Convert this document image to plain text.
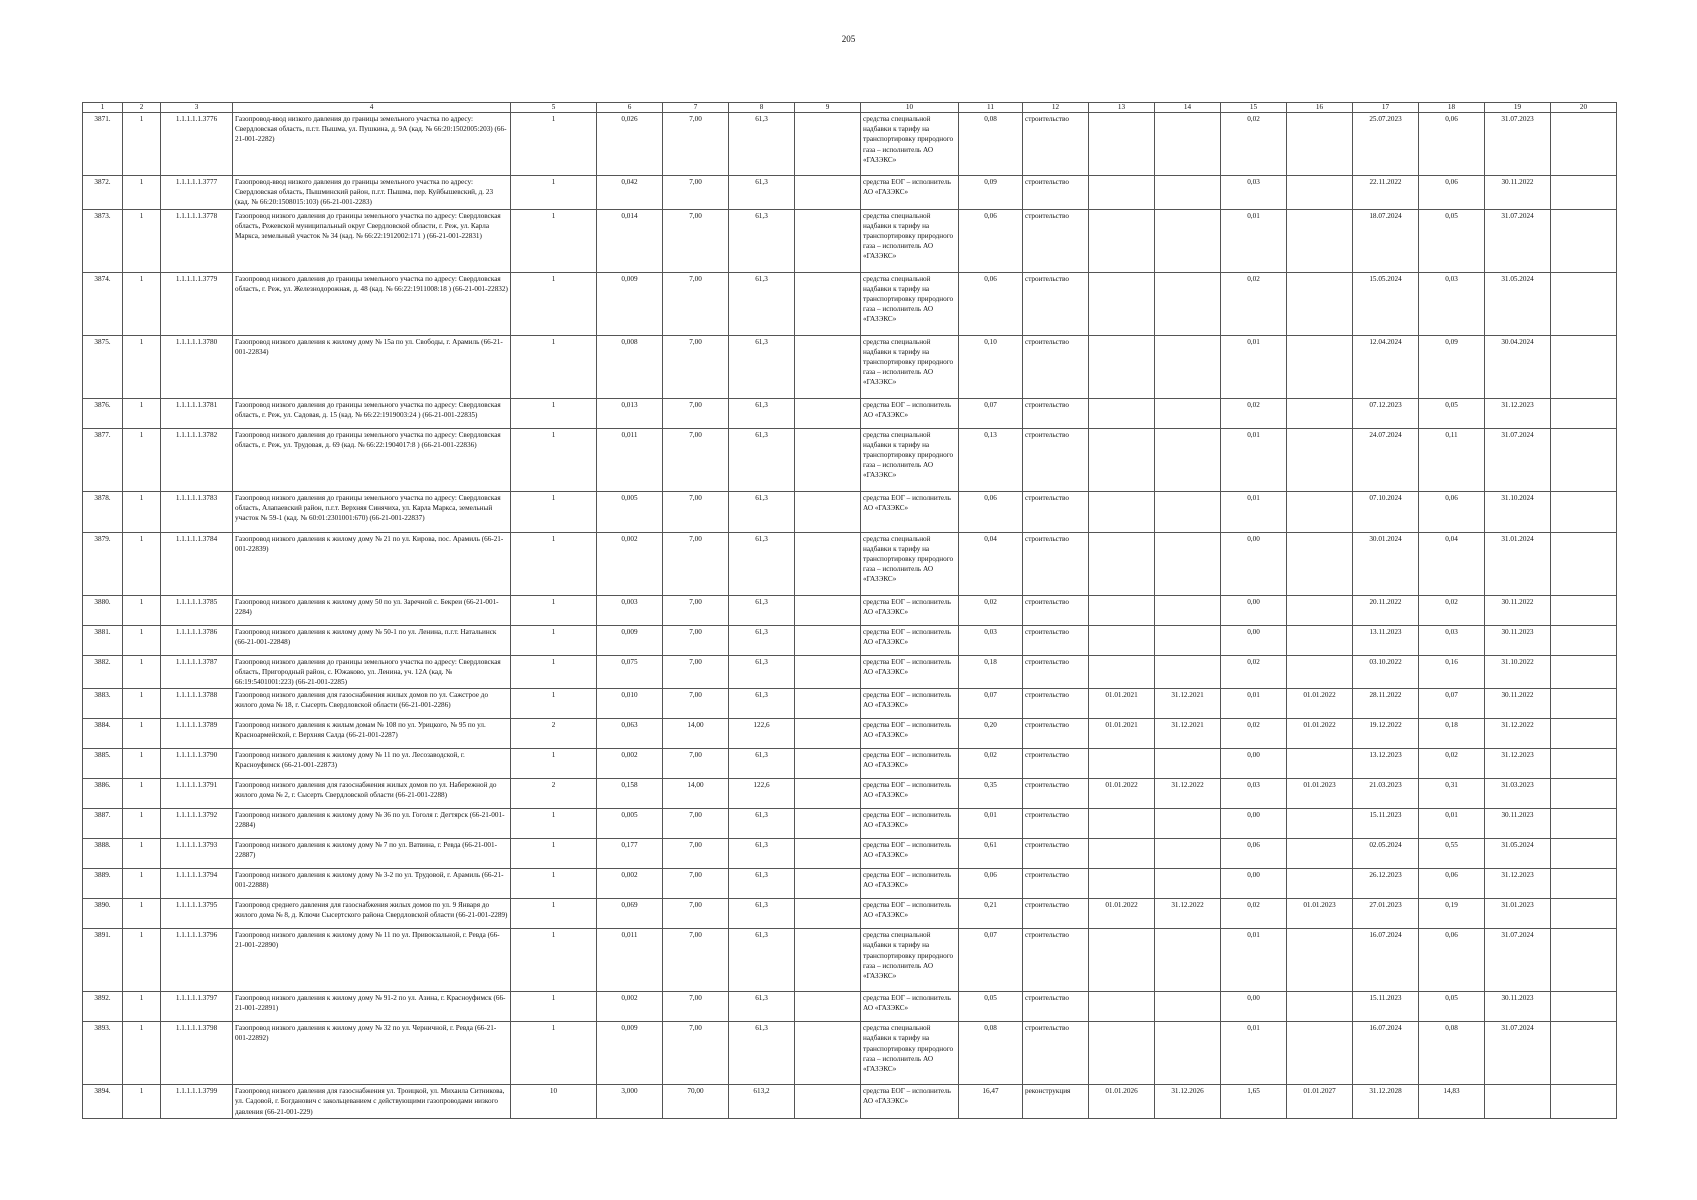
205
1	2	3	4	5	6	7	8	9	10	11	12	13	14	15	16	17	18	19	20
3871.	1	1.1.1.1.1.3776	Газопровод-ввод низкого давления до границы земельного участка по адресу: Свердловская область, п.г.т. Пышма, ул. Пушкина, д. 9А (кад. № 66:20:1502005:203) (66-21-001-2282)	1	0,026	7,00	61,3		средства специальной надбавки к тарифу на транспортировку природного газа – исполнитель АО «ГАЗЭКС»	0,08	строительство			0,02		25.07.2023	0,06	31.07.2023	
3872.	1	1.1.1.1.1.3777	Газопровод-ввод низкого давления до границы земельного участка по адресу: Свердловская область, Пышминский район, п.г.т. Пышма, пер. Куйбышевский, д. 23 (кад. № 66:20:1508015:103) (66-21-001-2283)	1	0,042	7,00	61,3		средства ЕОГ – исполнитель АО «ГАЗЭКС»	0,09	строительство			0,03		22.11.2022	0,06	30.11.2022	
3873.	1	1.1.1.1.1.3778	Газопровод низкого давления до границы земельного участка по адресу: Свердловская область, Режевской муниципальный округ Свердловской области, г. Реж, ул. Карла Маркса, земельный участок № 34 (кад. № 66:22:1912002:171 ) (66-21-001-22831)	1	0,014	7,00	61,3		средства специальной надбавки к тарифу на транспортировку природного газа – исполнитель АО «ГАЗЭКС»	0,06	строительство			0,01		18.07.2024	0,05	31.07.2024	
3874.	1	1.1.1.1.1.3779	Газопровод низкого давления до границы земельного участка по адресу: Свердловская область, г. Реж, ул. Железнодорожная, д. 48 (кад. № 66:22:1911008:18 ) (66-21-001-22832)	1	0,009	7,00	61,3		средства специальной надбавки к тарифу на транспортировку природного газа – исполнитель АО «ГАЗЭКС»	0,06	строительство			0,02		15.05.2024	0,03	31.05.2024	
3875.	1	1.1.1.1.1.3780	Газопровод низкого давления к жилому дому № 15а по ул. Свободы, г. Арамиль (66-21-001-22834)	1	0,008	7,00	61,3		средства специальной надбавки к тарифу на транспортировку природного газа – исполнитель АО «ГАЗЭКС»	0,10	строительство			0,01		12.04.2024	0,09	30.04.2024	
3876.	1	1.1.1.1.1.3781	Газопровод низкого давления до границы земельного участка по адресу: Свердловская область, г. Реж, ул. Садовая, д. 15 (кад. № 66:22:1919003:24 ) (66-21-001-22835)	1	0,013	7,00	61,3		средства ЕОГ – исполнитель АО «ГАЗЭКС»	0,07	строительство			0,02		07.12.2023	0,05	31.12.2023	
3877.	1	1.1.1.1.1.3782	Газопровод низкого давления до границы земельного участка по адресу: Свердловская область, г. Реж, ул. Трудовая, д. 69 (кад. № 66:22:1904017:8 ) (66-21-001-22836)	1	0,011	7,00	61,3		средства специальной надбавки к тарифу на транспортировку природного газа – исполнитель АО «ГАЗЭКС»	0,13	строительство			0,01		24.07.2024	0,11	31.07.2024	
3878.	1	1.1.1.1.1.3783	Газопровод низкого давления до границы земельного участка по адресу: Свердловская область, Алапаевский район, п.г.т. Верхняя Синячиха, ул. Карла Маркса, земельный участок № 59-1 (кад. № 60:01:2301001:670) (66-21-001-22837)	1	0,005	7,00	61,3		средства ЕОГ – исполнитель АО «ГАЗЭКС»	0,06	строительство			0,01		07.10.2024	0,06	31.10.2024	
3879.	1	1.1.1.1.1.3784	Газопровод низкого давления к жилому дому № 21 по ул. Кирова, пос. Арамиль (66-21-001-22839)	1	0,002	7,00	61,3		средства специальной надбавки к тарифу на транспортировку природного газа – исполнитель АО «ГАЗЭКС»	0,04	строительство			0,00		30.01.2024	0,04	31.01.2024	
3880.	1	1.1.1.1.1.3785	Газопровод низкого давления к жилому дому 50 по ул. Заречной с. Бекреи (66-21-001-2284)	1	0,003	7,00	61,3		средства ЕОГ – исполнитель АО «ГАЗЭКС»	0,02	строительство			0,00		20.11.2022	0,02	30.11.2022	
3881.	1	1.1.1.1.1.3786	Газопровод низкого давления к жилому дому № 50-1 по ул. Ленина, п.г.т. Натальинск (66-21-001-22848)	1	0,009	7,00	61,3		средства ЕОГ – исполнитель АО «ГАЗЭКС»	0,03	строительство			0,00		13.11.2023	0,03	30.11.2023	
3882.	1	1.1.1.1.1.3787	Газопровод низкого давления до границы земельного участка по адресу: Свердловская область, Пригородный район, с. Южаково, ул. Ленина, уч. 12А (кад. № 66:19:5401001:223) (66-21-001-2285)	1	0,075	7,00	61,3		средства ЕОГ – исполнитель АО «ГАЗЭКС»	0,18	строительство			0,02		03.10.2022	0,16	31.10.2022	
3883.	1	1.1.1.1.1.3788	Газопровод низкого давления для газоснабжения жилых домов по ул. Сажстрое до жилого дома № 18, г. Сысерть Свердловской области (66-21-001-2286)	1	0,010	7,00	61,3		средства ЕОГ – исполнитель АО «ГАЗЭКС»	0,07	строительство	01.01.2021	31.12.2021	0,01	01.01.2022	28.11.2022	0,07	30.11.2022	
3884.	1	1.1.1.1.1.3789	Газопровод низкого давления к жилым домам № 108 по ул. Урицкого, № 95 по ул. Красноармейской, г. Верхняя Салда (66-21-001-2287)	2	0,063	14,00	122,6		средства ЕОГ – исполнитель АО «ГАЗЭКС»	0,20	строительство	01.01.2021	31.12.2021	0,02	01.01.2022	19.12.2022	0,18	31.12.2022	
3885.	1	1.1.1.1.1.3790	Газопровод низкого давления к жилому дому № 11 по ул. Лесозаводской, г. Красноуфимск (66-21-001-22873)	1	0,002	7,00	61,3		средства ЕОГ – исполнитель АО «ГАЗЭКС»	0,02	строительство			0,00		13.12.2023	0,02	31.12.2023	
3886.	1	1.1.1.1.1.3791	Газопровод низкого давления для газоснабжения жилых домов по ул. Набережной до жилого дома № 2, г. Сысерть Свердловской области (66-21-001-2288)	2	0,158	14,00	122,6		средства ЕОГ – исполнитель АО «ГАЗЭКС»	0,35	строительство	01.01.2022	31.12.2022	0,03	01.01.2023	21.03.2023	0,31	31.03.2023	
3887.	1	1.1.1.1.1.3792	Газопровод низкого давления к жилому дому № 36 по ул. Гоголя г. Дегтярск (66-21-001-22884)	1	0,005	7,00	61,3		средства ЕОГ – исполнитель АО «ГАЗЭКС»	0,01	строительство			0,00		15.11.2023	0,01	30.11.2023	
3888.	1	1.1.1.1.1.3793	Газопровод низкого давления к жилому дому № 7 по ул. Ватвина, г. Ревда (66-21-001-22887)	1	0,177	7,00	61,3		средства ЕОГ – исполнитель АО «ГАЗЭКС»	0,61	строительство			0,06		02.05.2024	0,55	31.05.2024	
3889.	1	1.1.1.1.1.3794	Газопровод низкого давления к жилому дому № 3-2 по ул. Трудовой, г. Арамиль (66-21-001-22888)	1	0,002	7,00	61,3		средства ЕОГ – исполнитель АО «ГАЗЭКС»	0,06	строительство			0,00		26.12.2023	0,06	31.12.2023	
3890.	1	1.1.1.1.1.3795	Газопровод среднего давления для газоснабжения жилых домов по ул. 9 Января до жилого дома № 8, д. Ключи Сысертского района Свердловской области (66-21-001-2289)	1	0,069	7,00	61,3		средства ЕОГ – исполнитель АО «ГАЗЭКС»	0,21	строительство	01.01.2022	31.12.2022	0,02	01.01.2023	27.01.2023	0,19	31.01.2023	
3891.	1	1.1.1.1.1.3796	Газопровод низкого давления к жилому дому № 11 по ул. Привокзальной, г. Ревда (66-21-001-22890)	1	0,011	7,00	61,3		средства специальной надбавки к тарифу на транспортировку природного газа – исполнитель АО «ГАЗЭКС»	0,07	строительство			0,01		16.07.2024	0,06	31.07.2024	
3892.	1	1.1.1.1.1.3797	Газопровод низкого давления к жилому дому № 91-2 по ул. Азина, г. Красноуфимск (66-21-001-22891)	1	0,002	7,00	61,3		средства ЕОГ – исполнитель АО «ГАЗЭКС»	0,05	строительство			0,00		15.11.2023	0,05	30.11.2023	
3893.	1	1.1.1.1.1.3798	Газопровод низкого давления к жилому дому № 32 по ул. Черничной, г. Ревда (66-21-001-22892)	1	0,009	7,00	61,3		средства специальной надбавки к тарифу на транспортировку природного газа – исполнитель АО «ГАЗЭКС»	0,08	строительство			0,01		16.07.2024	0,08	31.07.2024	
3894.	1	1.1.1.1.1.3799	Газопровод низкого давления для газоснабжения ул. Троицкой, ул. Михаила Ситникова, ул. Садовой, г. Богданович с закольцеванием с действующими газопроводами низкого давления (66-21-001-229)	10	3,000	70,00	613,2		средства ЕОГ – исполнитель АО «ГАЗЭКС»	16,47	реконструкция	01.01.2026	31.12.2026	1,65	01.01.2027	31.12.2028	14,83		
